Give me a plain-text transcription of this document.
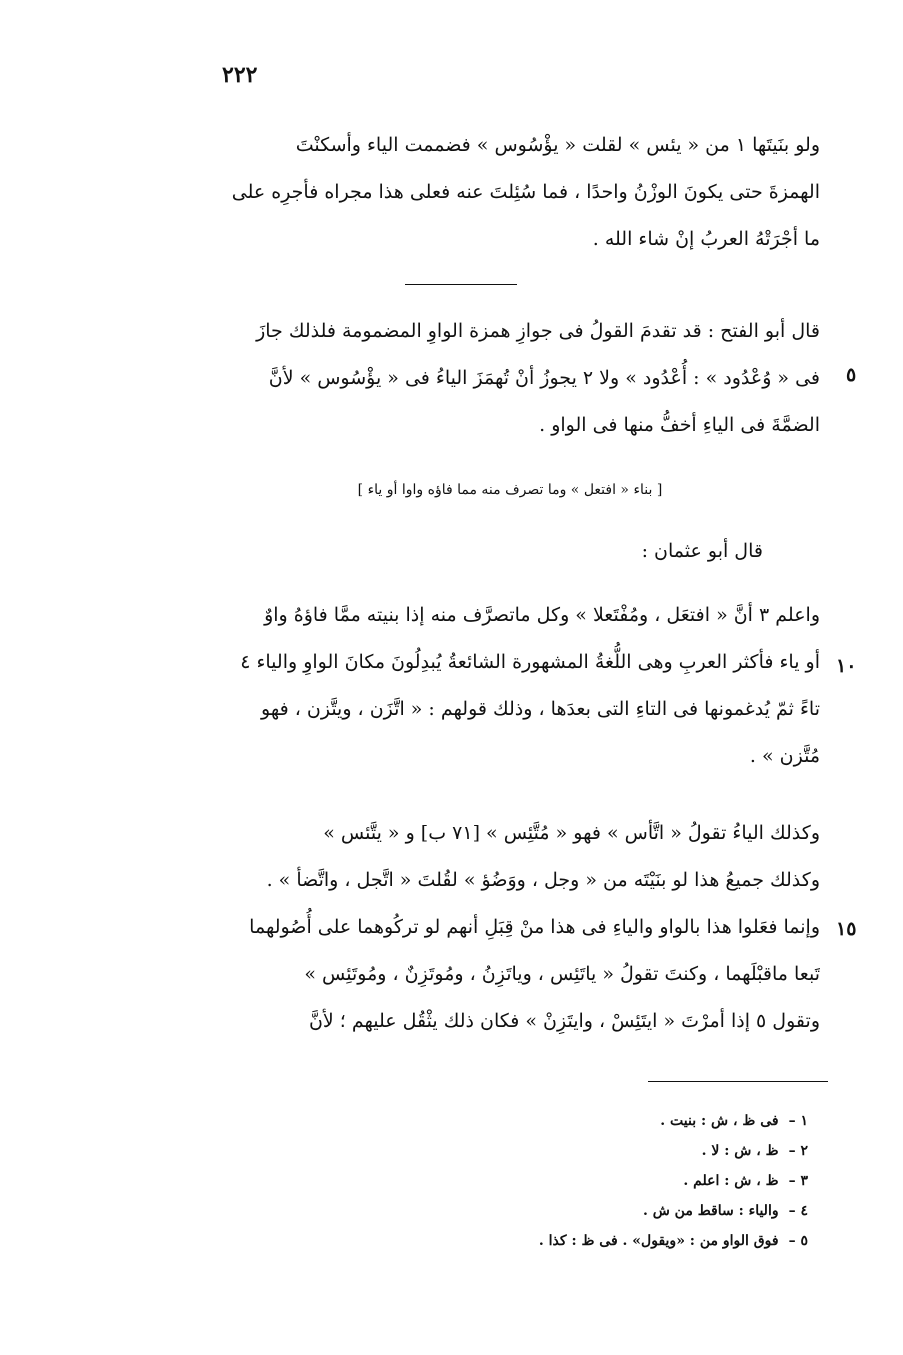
٢٢٢
ولو بنَيتَها ١ من « يئس » لقلت « يؤْسُوس » فضممت الياء وأسكنْتَ
الهمزةَ حتى يكونَ الوزْنُ واحدًا ، فما سُئِلتَ عنه فعلى هذا مجراه فأجرِه على
ما أجْرَتْهُ العربُ إنْ شاء الله .
قال أبو الفتح : قد تقدمَ القولُ فى جوازِ همزة الواوِ المضمومة فلذلك جازَ
فى « وُعْدُود » : أُعْدُود » ولا ٢ يجوزُ أنْ تُهمَزَ الياءُ فى « يؤْسُوس » لأنَّ
الضمَّةَ فى الياءِ أخفُّ منها فى الواو .
٥
[ بناء « افتعل » وما تصرف منه مما فاؤه واوا أو ياء ]
قال أبو عثمان :
واعلم ٣ أنَّ « افتعَل ، ومُفْتَعلا » وكل ماتصرَّف منه إذا بنيته ممَّا فاؤهُ واوٌ
أو ياء فأكثر العربِ وهى اللُّغةُ المشهورة الشائعةُ يُبدِلُونَ مكانَ الواوِ والياء ٤
تاءً ثمّ يُدغمونها فى التاءِ التى بعدَها ، وذلك قولهم : « اتَّزَن ، ويتَّزن ، فهو
مُتَّزن » .
١٠
وكذلك الياءُ تقولُ « اتَّأس » فهو « مُتَّئِس » [٧١ ب] و « يتَّئس »
وكذلك جميعُ هذا لو بنَيْتَه من « وجل ، ووَضُؤ » لقُلتَ « اتَّجل ، واتَّضأ » .
وإنما فعَلوا هذا بالواو والياءِ فى هذا منْ قِبَلِ أنهم لو تركُوهما على أُصُولهما
تَبعا ماقبْلَهما ، وكنتَ تقولُ « ياتَئِس ، وياتَزِنُ ، ومُوتَزِنٌ ، ومُوتَئِس »
وتقول ٥ إذا أمرْتَ « ايتَئِسْ ، وايتَزِنْ » فكان ذلك يثْقُل عليهم ؛ لأنَّ
١٥
١ –فى ظ ، ش : بنيت .
٢ –ظ ، ش : لا .
٣ –ظ ، ش : اعلم .
٤ –والياء : ساقط من ش .
٥ –فوق الواو من : «ويقول» . فى ظ : كذا .
